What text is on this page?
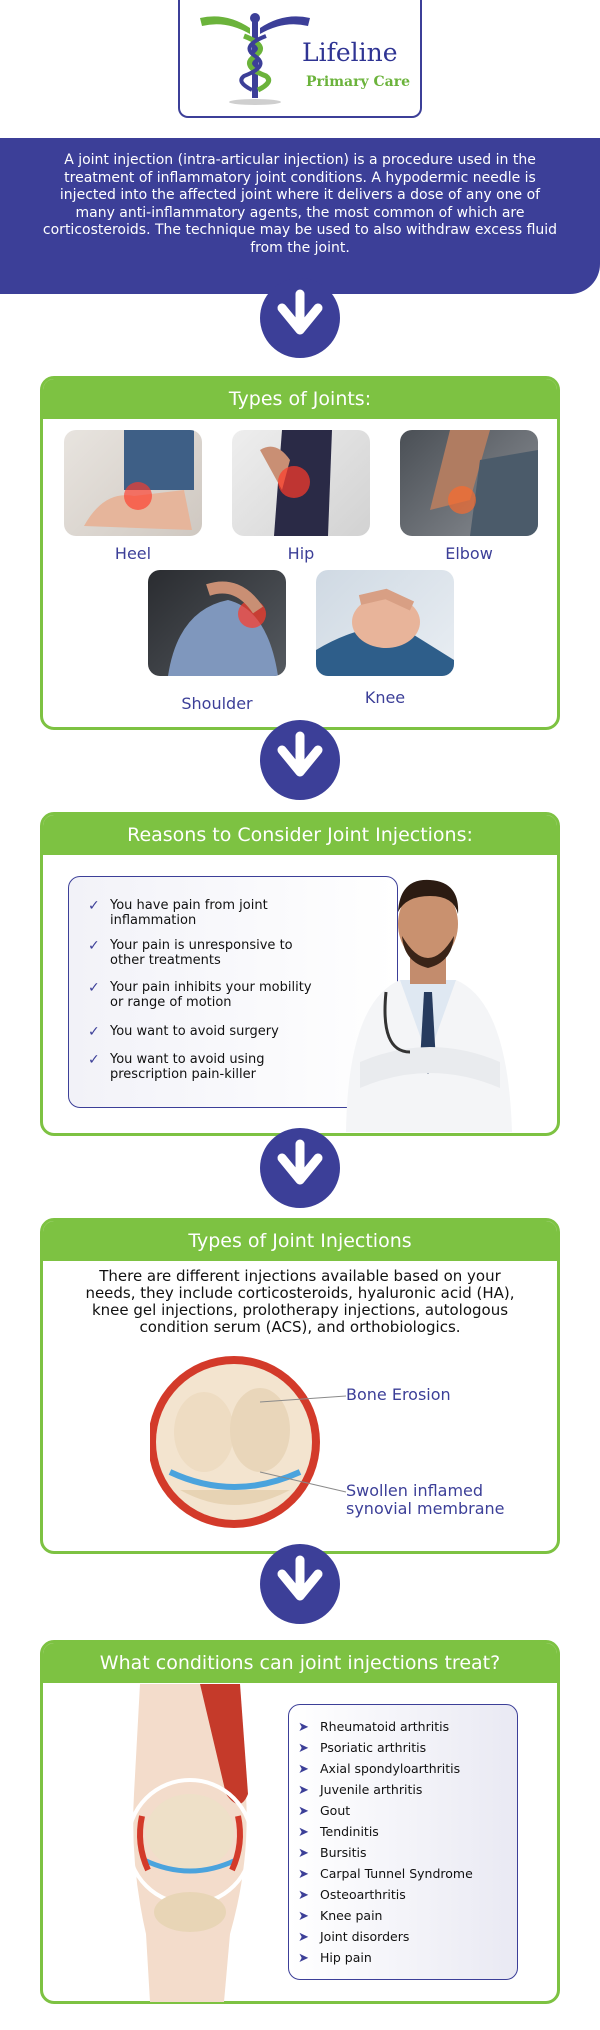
Lifeline
Primary Care
A joint injection (intra-articular injection) is a procedure used in the treatment of inflammatory joint conditions. A hypodermic needle is injected into the affected joint where it delivers a dose of any one of many anti-inflammatory agents, the most common of which are corticosteroids. The technique may be used to also withdraw excess fluid from the joint.
Types of Joints:
Heel	Hip	Elbow
Shoulder	Knee
Reasons to Consider Joint Injections:
✓ You have pain from joint inflammation
✓ Your pain is unresponsive to other treatments
✓ Your pain inhibits your mobility or range of motion
✓ You want to avoid surgery
✓ You want to avoid using prescription pain-killer
Types of Joint Injections
There are different injections available based on your needs, they include corticosteroids, hyaluronic acid (HA), knee gel injections, prolotherapy injections, autologous condition serum (ACS), and orthobiologics.
Bone Erosion
Swollen inflamed synovial membrane
What conditions can joint injections treat?
➤ Rheumatoid arthritis
➤ Psoriatic arthritis
➤ Axial spondyloarthritis
➤ Juvenile arthritis
➤ Gout
➤ Tendinitis
➤ Bursitis
➤ Carpal Tunnel Syndrome
➤ Osteoarthritis
➤ Knee pain
➤ Joint disorders
➤ Hip pain
